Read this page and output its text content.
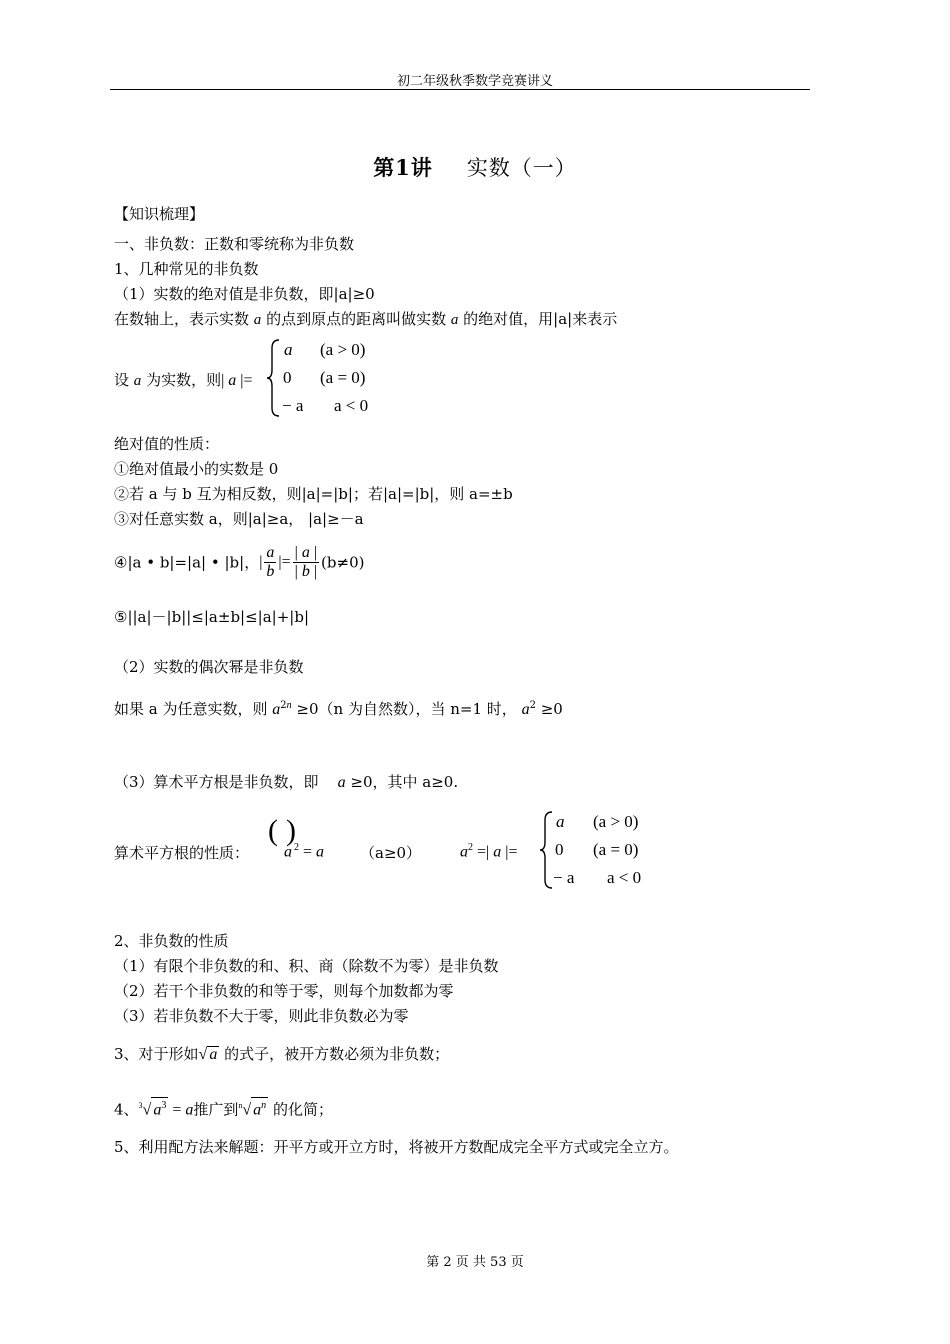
初二年级秋季数学竞赛讲义
第1讲 实数（一）
【知识梳理】
一、非负数：正数和零统称为非负数
1、几种常见的非负数
（1）实数的绝对值是非负数，即|a|≥0
在数轴上，表示实数 a 的点到原点的距离叫做实数 a 的绝对值，用|a|来表示
设 a 为实数，则| a |=
a (a > 0)
0 (a = 0)
− a a < 0
绝对值的性质：
①绝对值最小的实数是 0
②若 a 与 b 互为相反数，则|a|=|b|；若|a|=|b|，则 a=±b
③对任意实数 a，则|a|≥a， |a|≥－a
④|a • b|=|a| • |b|，| $\frac{a}{b}$ |= $\frac{| a |}{| b |} (b\ne 0)$
⑤||a|－|b||≤|a±b|≤|a|+|b|
（2）实数的偶次幂是非负数
如果 a 为任意实数，则 $a^{2n} \ge 0(n$ 为自然数），当 n=1 时， $a^2 \ge 0$
（3）算术平方根是非负数，即 a ≥0，其中 a≥0.
算术平方根的性质：
( )
a $^2$ = a （a≥0） $a^2$ =| a |=
a (a > 0)
0 (a = 0)
− a a < 0
2、非负数的性质
（1）有限个非负数的和、积、商（除数不为零）是非负数
（2）若干个非负数的和等于零，则每个加数都为零
（3）若非负数不大于零，则此非负数必为零
3、对于形如√ a 的式子，被开方数必须为非负数；
4、$^3$√ $a^3 = a$推广到$^n$√ $a^n$ 的化简；
5、利用配方法来解题：开平方或开立方时，将被开方数配成完全平方式或完全立方。
第 2 页 共 53 页
